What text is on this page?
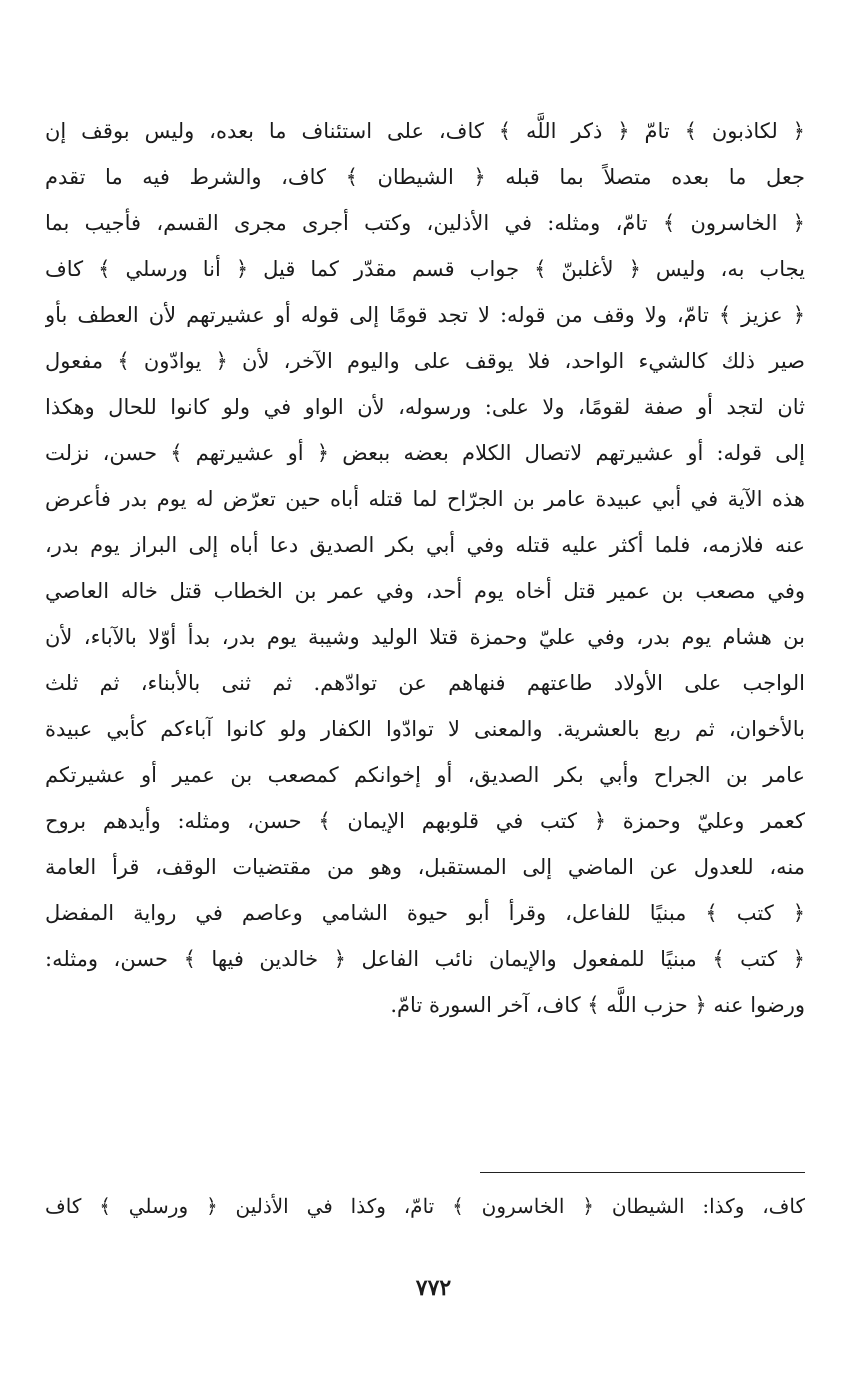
﴿ لكاذبون ﴾ تامّ ﴿ ذكر اللَّه ﴾ كاف، على استئناف ما بعده، وليس بوقف إن
جعل ما بعده متصلاً بما قبله ﴿ الشيطان ﴾ كاف، والشرط فيه ما تقدم
﴿ الخاسرون ﴾ تامّ، ومثله: في الأذلين، وكتب أجرى مجرى القسم، فأجيب بما
يجاب به، وليس ﴿ لأغلبنّ ﴾ جواب قسم مقدّر كما قيل ﴿ أنا ورسلي ﴾ كاف
﴿ عزيز ﴾ تامّ، ولا وقف من قوله: لا تجد قومًا إلى قوله أو عشيرتهم لأن العطف بأو
صير ذلك كالشيء الواحد، فلا يوقف على واليوم الآخر، لأن ﴿ يوادّون ﴾ مفعول
ثان لتجد أو صفة لقومًا، ولا على: ورسوله، لأن الواو في ولو كانوا للحال وهكذا
إلى قوله: أو عشيرتهم لاتصال الكلام بعضه ببعض ﴿ أو عشيرتهم ﴾ حسن، نزلت
هذه الآية في أبي عبيدة عامر بن الجرّاح لما قتله أباه حين تعرّض له يوم بدر فأعرض
عنه فلازمه، فلما أكثر عليه قتله وفي أبي بكر الصديق دعا أباه إلى البراز يوم بدر،
وفي مصعب بن عمير قتل أخاه يوم أحد، وفي عمر بن الخطاب قتل خاله العاصي
بن هشام يوم بدر، وفي عليّ وحمزة قتلا الوليد وشيبة يوم بدر، بدأ أوّلا بالآباء، لأن
الواجب على الأولاد طاعتهم فنهاهم عن توادّهم. ثم ثنى بالأبناء، ثم ثلث
بالأخوان، ثم ربع بالعشرية. والمعنى لا توادّوا الكفار ولو كانوا آباءكم كأبي عبيدة
عامر بن الجراح وأبي بكر الصديق، أو إخوانكم كمصعب بن عمير أو عشيرتكم
كعمر وعليّ وحمزة ﴿ كتب في قلوبهم الإيمان ﴾ حسن، ومثله: وأيدهم بروح
منه، للعدول عن الماضي إلى المستقبل، وهو من مقتضيات الوقف، قرأ العامة
﴿ كتب ﴾ مبنيًا للفاعل، وقرأ أبو حيوة الشامي وعاصم في رواية المفضل
﴿ كتب ﴾ مبنيًا للمفعول والإيمان نائب الفاعل ﴿ خالدين فيها ﴾ حسن، ومثله:
ورضوا عنه ﴿ حزب اللَّه ﴾ كاف، آخر السورة تامّ.
كاف، وكذا: الشيطان ﴿ الخاسرون ﴾ تامّ، وكذا في الأذلين ﴿ ورسلي ﴾ كاف
٧٧٢
